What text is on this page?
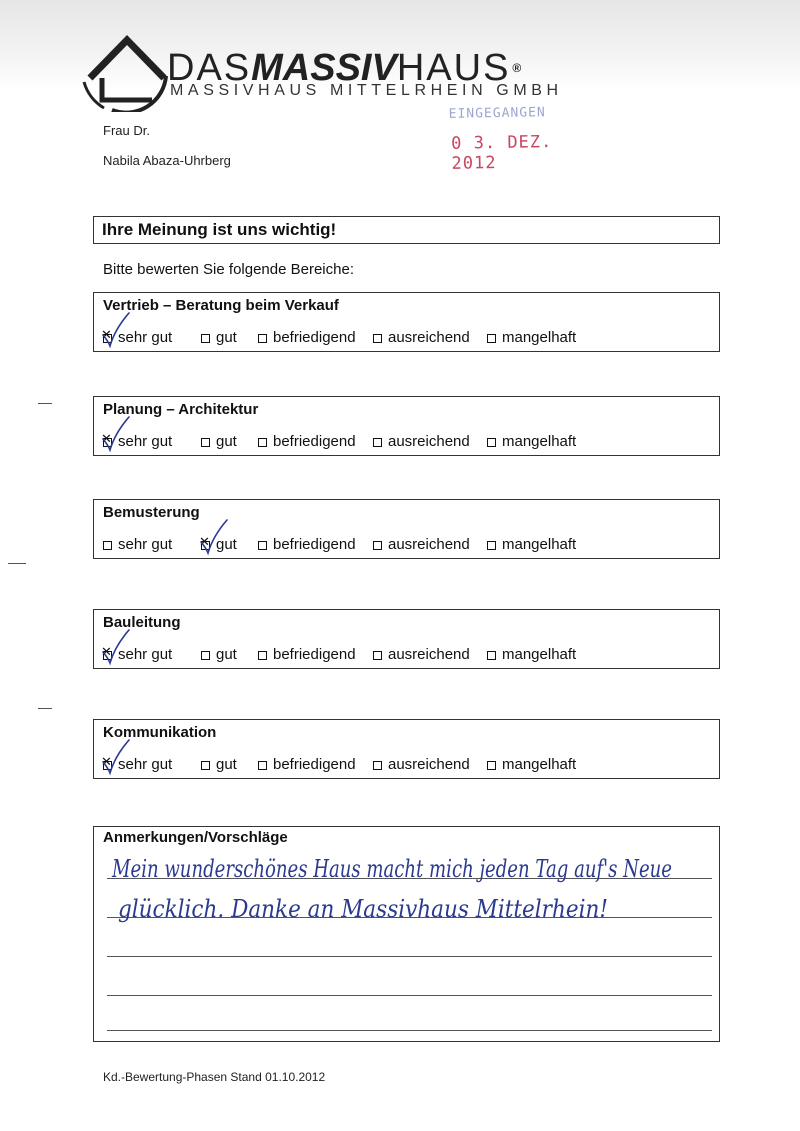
DASMASSIVHAUS ®
MASSIVHAUS MITTELRHEIN GMBH
EINGEGANGEN
0 3. DEZ. 2012
Frau Dr.
Nabila Abaza-Uhrberg
Ihre Meinung ist uns wichtig!
Bitte bewerten Sie folgende Bereiche:
Vertrieb – Beratung beim Verkauf
✕ sehr gut	gut	befriedigend	ausreichend	mangelhaft
Planung – Architektur
✕ sehr gut	gut	befriedigend	ausreichend	mangelhaft
Bemusterung
sehr gut ✕ gut	befriedigend	ausreichend	mangelhaft
Bauleitung
✕ sehr gut	gut	befriedigend	ausreichend	mangelhaft
Kommunikation
✕ sehr gut	gut	befriedigend	ausreichend	mangelhaft
Anmerkungen/Vorschläge
Mein wunderschönes Haus macht mich jeden Tag auf's Neue
glücklich. Danke an Massivhaus Mittelrhein!
Kd.-Bewertung-Phasen Stand 01.10.2012
